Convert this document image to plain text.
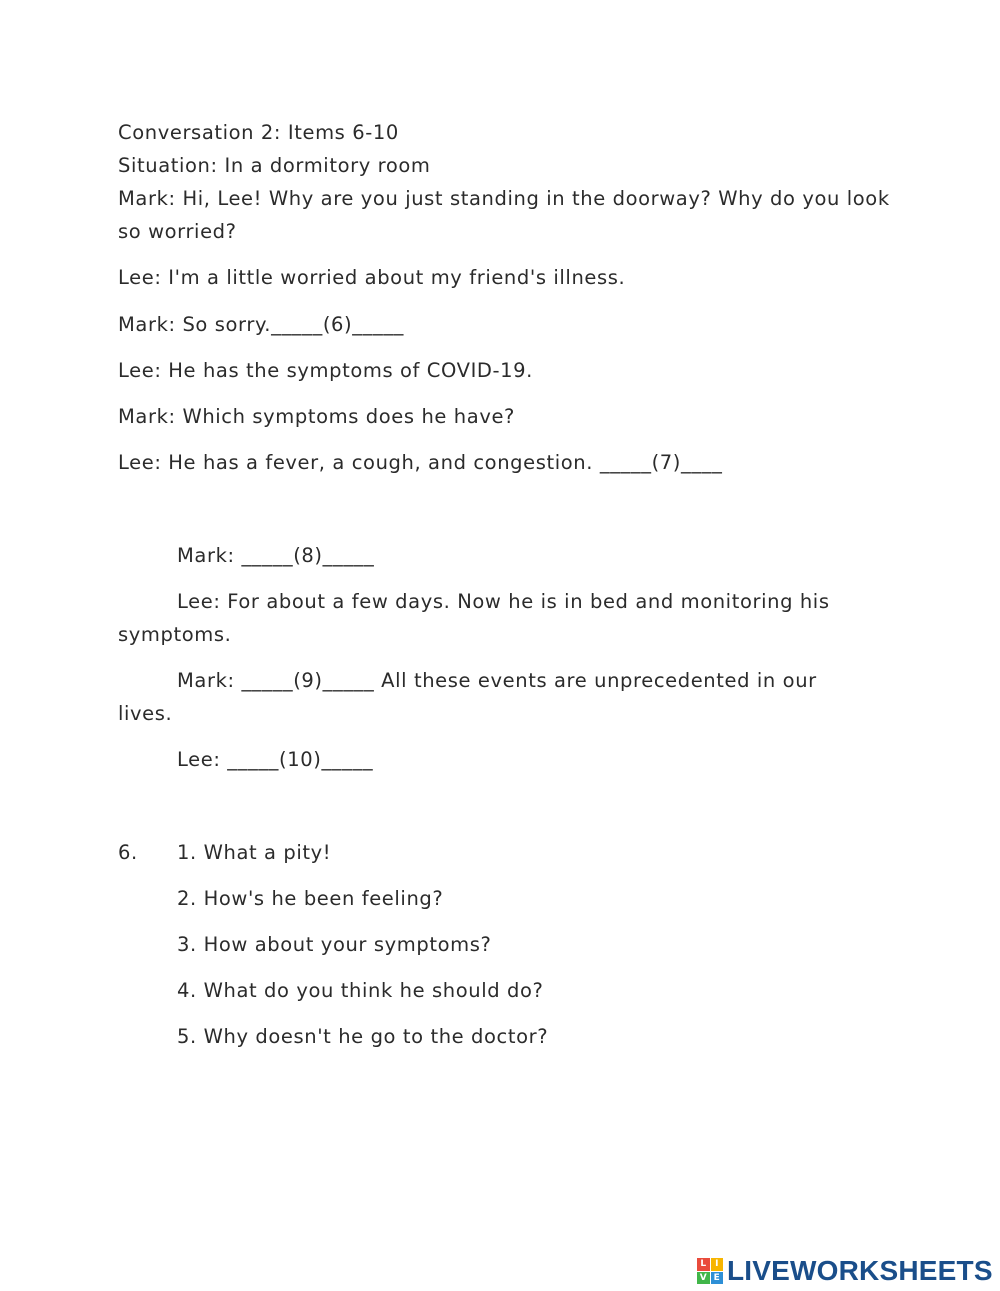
Conversation 2: Items 6-10
Situation: In a dormitory room
Mark: Hi, Lee! Why are you just standing in the doorway? Why do you look
so worried?
Lee: I'm a little worried about my friend's illness.
Mark: So sorry._____(6)_____
Lee: He has the symptoms of COVID-19.
Mark: Which symptoms does he have?
Lee: He has a fever, a cough, and congestion. _____(7)____
Mark: _____(8)_____
Lee: For about a few days. Now he is in bed and monitoring his
symptoms.
Mark: _____(9)_____ All these events are unprecedented in our
lives.
Lee: _____(10)_____
6. 1. What a pity!
2. How's he been feeling?
3. How about your symptoms?
4. What do you think he should do?
5. Why doesn't he go to the doctor?
L I
V E LIVEWORKSHEETS
